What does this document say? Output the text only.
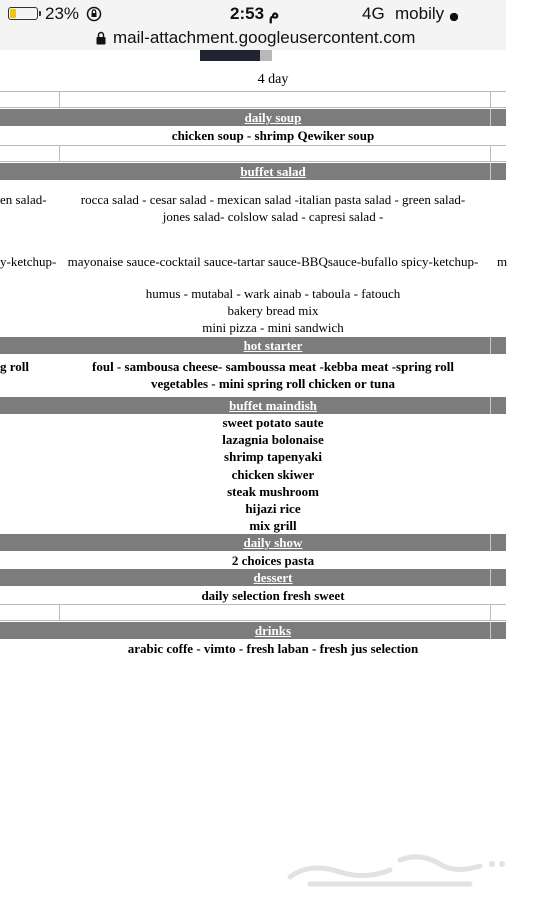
23%	2:53 م	4G mobily
mail-attachment.googleusercontent.com
4 day
daily soup
chicken soup - shrimp Qewiker soup
buffet salad
en salad-	rocca salad - cesar salad - mexican salad -italian pasta salad - green salad-
jones salad- colslow salad - capresi salad -
y-ketchup- mayonaise sauce-cocktail sauce-tartar sauce-BBQsauce-bufallo spicy-ketchup-	m
humus - mutabal - wark ainab - taboula - fatouch
bakery bread mix
mini pizza - mini sandwich
hot starter
g roll	foul - sambousa cheese- samboussa meat -kebba meat -spring roll
vegetables - mini spring roll chicken or tuna
buffet maindish
sweet potato saute
lazagnia bolonaise
shrimp tapenyaki
chicken skiwer
steak mushroom
hijazi rice
mix grill
daily show
2 choices pasta
dessert
daily selection fresh sweet
drinks
arabic coffe - vimto - fresh laban - fresh jus selection
